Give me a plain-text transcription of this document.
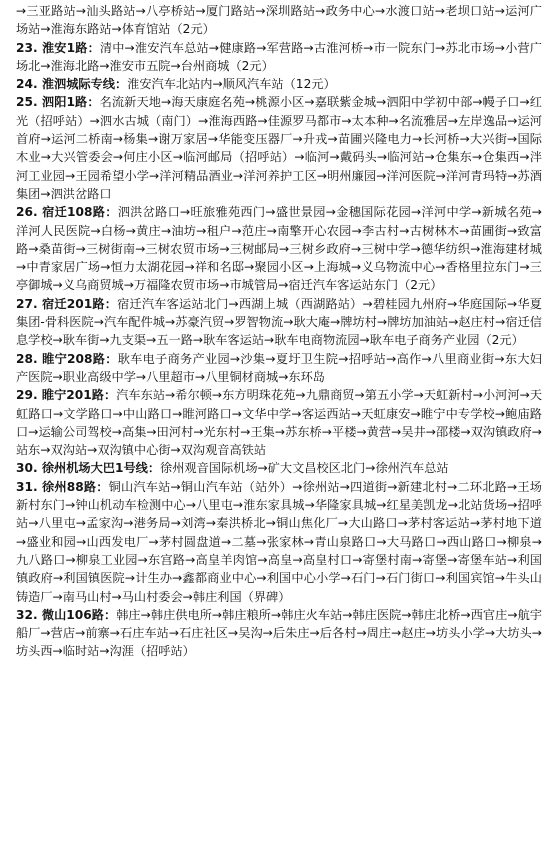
→三亚路站→汕头路站→八亭桥站→厦门路站→深圳路站→政务中心→水渡口站→老坝口站→运河广场站→淮海东路站→体育馆站（2元）

23. 淮安1路：清中→淮安汽车总站→健康路→军营路→古淮河桥→市一院东门→苏北市场→小营广场北→淮海北路→淮安市五院→台州商城（2元）

24. 淮泗城际专线：淮安汽车北站内→顺风汽车站（12元）

25. 泗阳1路：名流新天地→海天康庭名苑→桃源小区→嘉联紫金城→泗阳中学初中部→幔子口→红光（招呼站）→泗水古城（南门）→淮海西路→佳源罗马都市→太本种→名流雅居→左岸逸品→运河首府→运河二桥南→杨集→谢万家居→华能变压器厂→升戎→苗圃兴隆电力→长河桥→大兴街→国际木业→大兴管委会→何庄小区→临河邮局（招呼站）→临河→戴码头→临河站→仓集东→仓集西→泮河工业园→王园希望小学→洋河精品酒业→洋河养护工区→明州廉园→洋河医院→洋河青玛特→苏酒集团→泗洪岔路口

26. 宿迁108路：泗洪岔路口→旺旅雅苑西门→盛世景园→金穗国际花园→洋河中学→新城名苑→洋河人民医院→白杨→黄庄→油坊→租户→范庄→南擎开心农园→李古村→古树林木→苗圃街→致富路→桑苗街→三树街南→三树农贸市场→三树邮局→三树乡政府→三树中学→德华纺织→淮海建材城→中青家居广场→恒力太湖花园→祥和名邸→聚园小区→上海城→义乌物流中心→香格里拉东门→三亭御城→义乌商贸城→万福隆农贸市场→市城管局→宿迁汽车客运站东门（2元）

27. 宿迁201路：宿迁汽车客运站北门→西湖上城（西湖路站）→碧桂园九州府→华庭国际→华夏集团-骨科医院→汽车配件城→苏豪汽贸→罗智物流→耿大庵→牌坊村→牌坊加油站→赵庄村→宿迁信息学校→耿车街→九支渠→五一路→耿车客运站→耿车电商物流园→耿车电子商务产业园（2元）

28. 睢宁208路：耿车电子商务产业园→沙集→夏圩卫生院→招呼站→高作→八里商业街→东大妇产医院→职业高级中学→八里超市→八里铜材商城→东环岛

29. 睢宁201路：汽车东站→希尔顿→东方明珠花苑→九鼎商贸→第五小学→天虹新村→小河河→天虹路口→文学路口→中山路口→睢河路口→文华中学→客运西站→天虹康安→睢宁中专学校→鲍庙路口→运输公司驾校→高集→田河村→光东村→王集→苏东桥→平楼→黄营→吴井→邵楼→双沟镇政府→站东→双沟站→双沟镇中心街→双沟观音高铁站

30. 徐州机场大巴1号线：徐州观音国际机场→矿大文昌校区北门→徐州汽车总站

31. 徐州88路：铜山汽车站→铜山汽车站（站外）→徐州站→四道街→新建北村→二环北路→王场新村东门→钟山机动车检测中心→八里屯→淮东家具城→华隆家具城→红星美凯龙→北站货场→招呼站→八里屯→孟家沟→港务局→刘湾→秦洪桥北→铜山焦化厂→大山路口→茅村客运站→茅村地下道→盛业和园→山西发电厂→茅村圆盘道→二墓→张家林→青山泉路口→大马路口→西山路口→柳泉→九八路口→柳泉工业园→东宫路→高皇羊肉馆→高皇→高皇村口→寄堡村南→寄堡→寄堡车站→利国镇政府→利国镇医院→计生办→鑫都商业中心→利国中心小学→石门→石门街口→利国宾馆→牛头山铸造厂→南马山村→马山村委会→韩庄利国（界碑）

32. 微山106路：韩庄→韩庄供电所→韩庄粮所→韩庄火车站→韩庄医院→韩庄北桥→西官庄→航宇船厂→营店→前寨→石庄车站→石庄社区→吴沟→后朱庄→后各村→周庄→赵庄→坊头小学→大坊头→坊头西→临时站→沟涯（招呼站）
